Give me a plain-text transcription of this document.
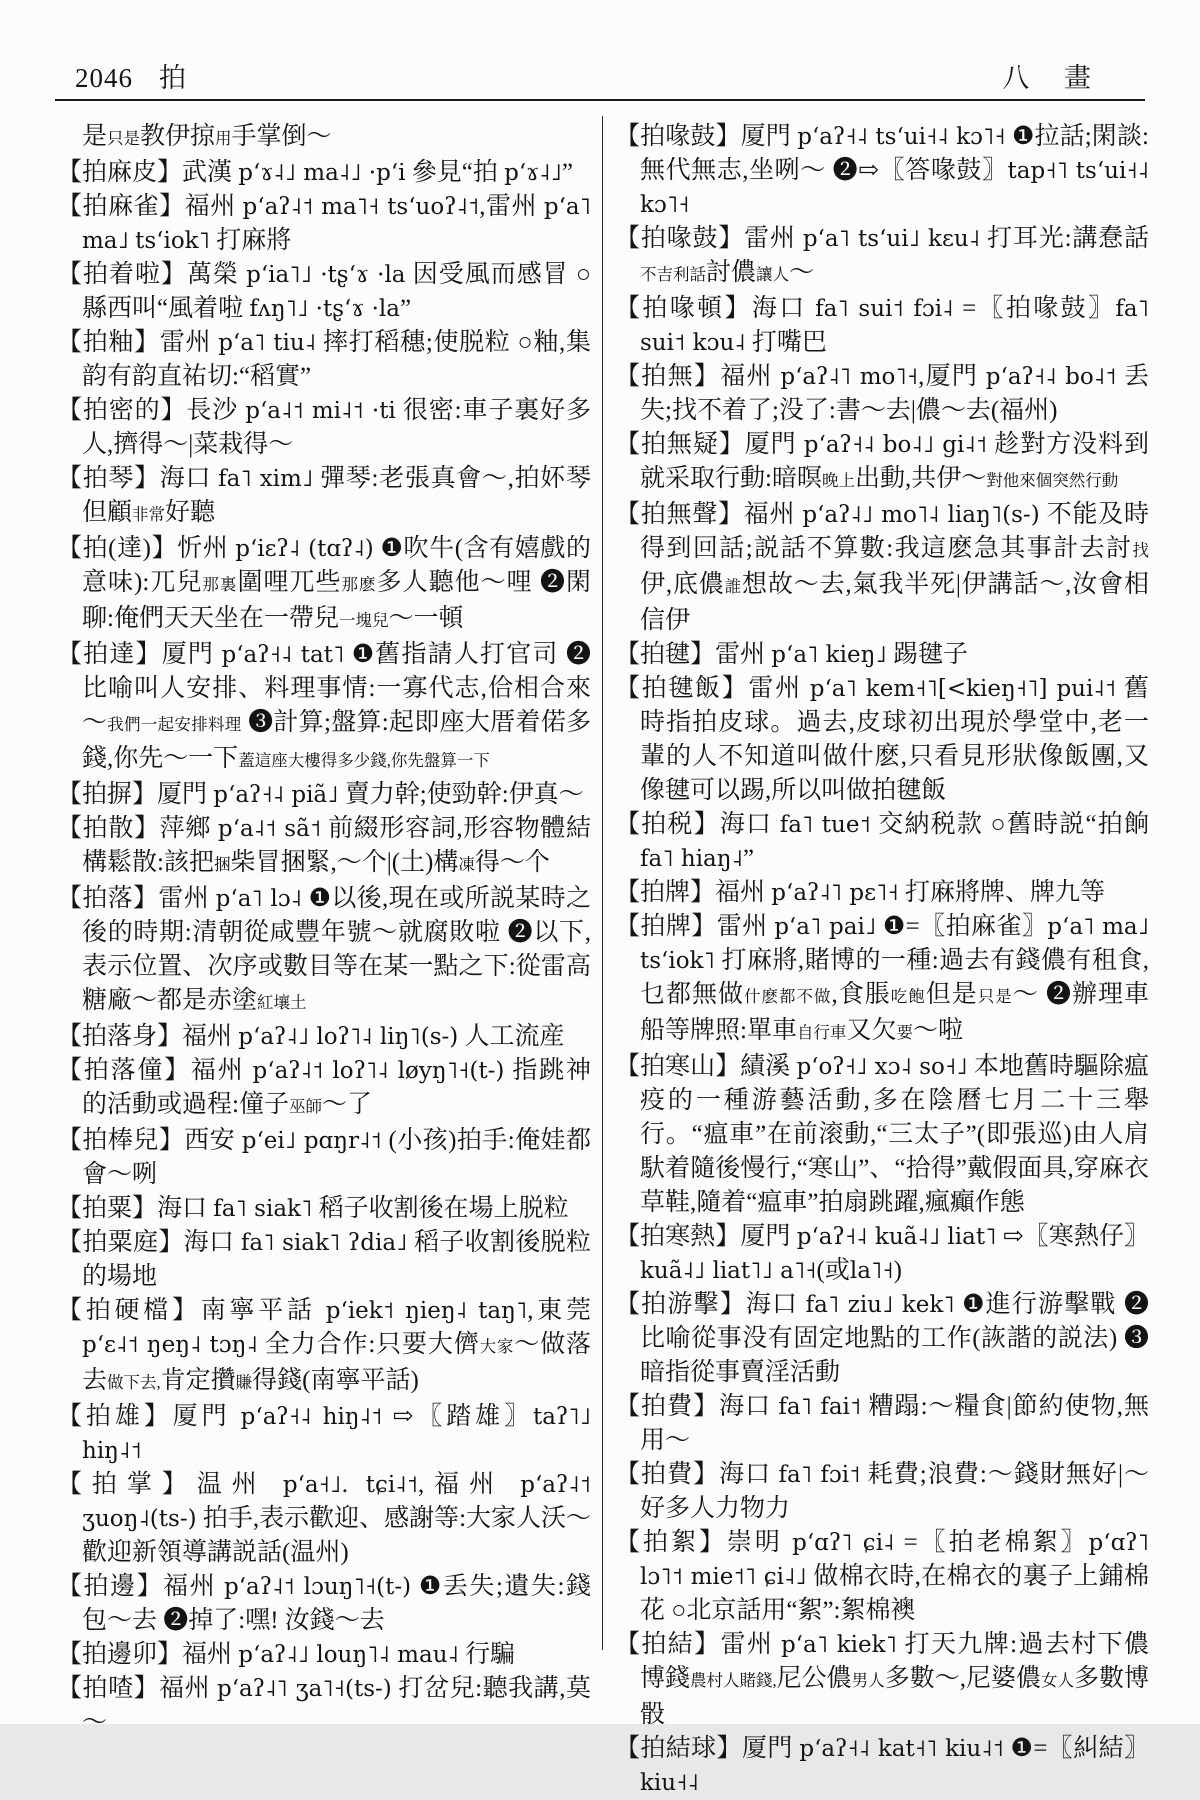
2046 拍	八 畫

是只是教伊掠用手掌倒～

【拍麻皮】武漢 pʻɤ˨˩ ma˨˩ ·pʻi 參見“拍 pʻɤ˨˩”

【拍麻雀】福州 pʻaʔ˨˦ ma˥˧ tsʻuoʔ˨˦,雷州 pʻa˥ ma˩ tsʻiok˥ 打麻將

【拍着啦】萬榮 pʻia˥˩ ·tʂʻɤ ·la 因受風而感冒 ○縣西叫“風着啦 fʌŋ˥˩ ·tʂʻɤ ·la”

【拍粙】雷州 pʻa˥ tiu˨ 摔打稻穗;使脱粒 ○粙,集韵有韵直祐切:“稻實”

【拍密的】長沙 pʻa˨˦ mi˨˦ ·ti 很密:車子裏好多人,擠得～|菜栽得～

【拍琴】海口 fa˥ xim˩ 彈琴:老張真會～,拍妚琴但顧非常好聽

【拍(達)】忻州 pʻiɛʔ˨ (tɑʔ˨) ❶吹牛(含有嬉戲的意味):兀兒那裏圍哩兀些那麽多人聽他～哩 ❷閑聊:俺們天天坐在一帶兒一塊兒～一頓

【拍達】厦門 pʻaʔ˧˨ tat˥ ❶舊指請人打官司 ❷比喻叫人安排、料理事情:一寡代志,佮相合來～我們一起安排料理 ❸計算;盤算:起即座大厝着偌多錢,你先～一下蓋這座大樓得多少錢,你先盤算一下

【拍摒】厦門 pʻaʔ˧˨ piã˩ 賣力幹;使勁幹:伊真～

【拍散】萍鄉 pʻa˨˦ sã˦ 前綴形容詞,形容物體結構鬆散:該把捆柴冒捆緊,～个|(土)構凍得～个

【拍落】雷州 pʻa˥ lɔ˨ ❶以後,現在或所説某時之後的時期:清朝從咸豐年號～就腐敗啦 ❷以下,表示位置、次序或數目等在某一點之下:從雷高糖廠～都是赤塗紅壤土

【拍落身】福州 pʻaʔ˨˩ loʔ˥˨ liŋ˥(s-) 人工流産

【拍落僮】福州 pʻaʔ˨˦ loʔ˥˨ løyŋ˥˧(t-) 指跳神的活動或過程:僮子巫師～了

【拍棒兒】西安 pʻei˩ pɑŋr˨˦ (小孩)拍手:俺娃都會～咧

【拍粟】海口 fa˥ siak˥ 稻子收割後在場上脱粒

【拍粟庭】海口 fa˥ siak˥ ʔdia˩ 稻子收割後脱粒的場地

【拍硬檔】南寧平話 pʻiek˦ ŋieŋ˨ taŋ˥,東莞 pʻɛ˨˦ ŋeŋ˨ tɔŋ˨ 全力合作:只要大儕大家～做落去做下去,肯定攢賺得錢(南寧平話)

【拍雄】厦門 pʻaʔ˧˨ hiŋ˨˦ ⇨〖踏雄〗taʔ˥˩ hiŋ˨˦

【拍掌】温州 pʻa˧˩. tɕi˨˦,福州 pʻaʔ˨˦ ʒuoŋ˨(ts-) 拍手,表示歡迎、感謝等:大家人沃～歡迎新領導講説話(温州)

【拍邊】福州 pʻaʔ˨˦ lɔuŋ˥˧(t-) ❶丢失;遺失:錢包～去 ❷掉了:嘿! 汝錢～去

【拍邊卯】福州 pʻaʔ˨˩ louŋ˥˨ mau˨ 行騙

【拍喳】福州 pʻaʔ˨˥ ʒa˥˧(ts-) 打岔兒:聽我講,莫～

【拍喙鼓】厦門 pʻaʔ˧˨ tsʻui˧˨ kɔ˥˧ ❶拉話;閑談:無代無志,坐咧～ ❷⇨〖答喙鼓〗tap˧˥ tsʻui˧˨ kɔ˥˧

【拍喙鼓】雷州 pʻa˥ tsʻui˩ kɛu˨ 打耳光:講惷話不吉利話討儂讓人～

【拍喙頓】海口 fa˥ sui˦ fɔi˨ =〖拍喙鼓〗fa˥ sui˦ kɔu˨ 打嘴巴

【拍無】福州 pʻaʔ˨˥ mo˥˧,厦門 pʻaʔ˧˨ bo˨˦ 丢失;找不着了;没了:書～去|儂～去(福州)

【拍無疑】厦門 pʻaʔ˧˨ bo˨˩ gi˨˦ 趁對方没料到就采取行動:暗暝晚上出動,共伊～對他來個突然行動

【拍無聲】福州 pʻaʔ˨˩ mo˥˨ liaŋ˥(s-) 不能及時得到回話;説話不算數:我這麽急其事計去討找伊,底儂誰想故～去,氣我半死|伊講話～,汝會相信伊

【拍毽】雷州 pʻa˥ kieŋ˩ 踢毽子

【拍毽飯】雷州 pʻa˥ kem˧˥[<kieŋ˧˥] pui˨˦ 舊時指拍皮球。過去,皮球初出現於學堂中,老一輩的人不知道叫做什麽,只看見形狀像飯團,又像毽可以踢,所以叫做拍毽飯

【拍税】海口 fa˥ tue˦ 交納税款 ○舊時説“拍餉 fa˥ hiaŋ˨”

【拍牌】福州 pʻaʔ˨˥ pɛ˥˧ 打麻將牌、牌九等

【拍牌】雷州 pʻa˥ pai˩ ❶=〖拍麻雀〗pʻa˥ ma˩ tsʻiok˥ 打麻將,賭博的一種:過去有錢儂有租食,乜都無做什麽都不做,食脹吃飽但是只是～ ❷辦理車船等牌照:單車自行車又欠要～啦

【拍寒山】績溪 pʻoʔ˧˩ xɔ˨ so˧˩ 本地舊時驅除瘟疫的一種游藝活動,多在陰曆七月二十三舉行。“瘟車”在前滚動,“三太子”(即張巡)由人肩馱着隨後慢行,“寒山”、“拾得”戴假面具,穿麻衣草鞋,隨着“瘟車”拍扇跳躍,瘋癲作態

【拍寒熱】厦門 pʻaʔ˧˨ kuã˨˩ liat˥ ⇨〖寒熱仔〗kuã˨˩ liat˥˩ a˥˧(或la˥˧)

【拍游擊】海口 fa˥ ziu˩ kek˥ ❶進行游擊戰 ❷比喻從事没有固定地點的工作(詼諧的説法) ❸暗指從事賣淫活動

【拍費】海口 fa˥ fai˦ 糟蹋:～糧食|節約使物,無用～

【拍費】海口 fa˥ fɔi˦ 耗費;浪費:～錢財無好|～好多人力物力

【拍絮】崇明 pʻɑʔ˥ ɕi˨ =〖拍老棉絮〗pʻɑʔ˥ lɔ˥˦ mie˦˥ ɕi˨˩ 做棉衣時,在棉衣的裏子上鋪棉花 ○北京話用“絮”:絮棉襖

【拍結】雷州 pʻa˥ kiek˥ 打天九牌:過去村下儂博錢農村人賭錢,尼公儂男人多數～,尼婆儂女人多數博骰

【拍結球】厦門 pʻaʔ˧˨ kat˧˥ kiu˨˦ ❶=〖糾結〗kiu˧˨
